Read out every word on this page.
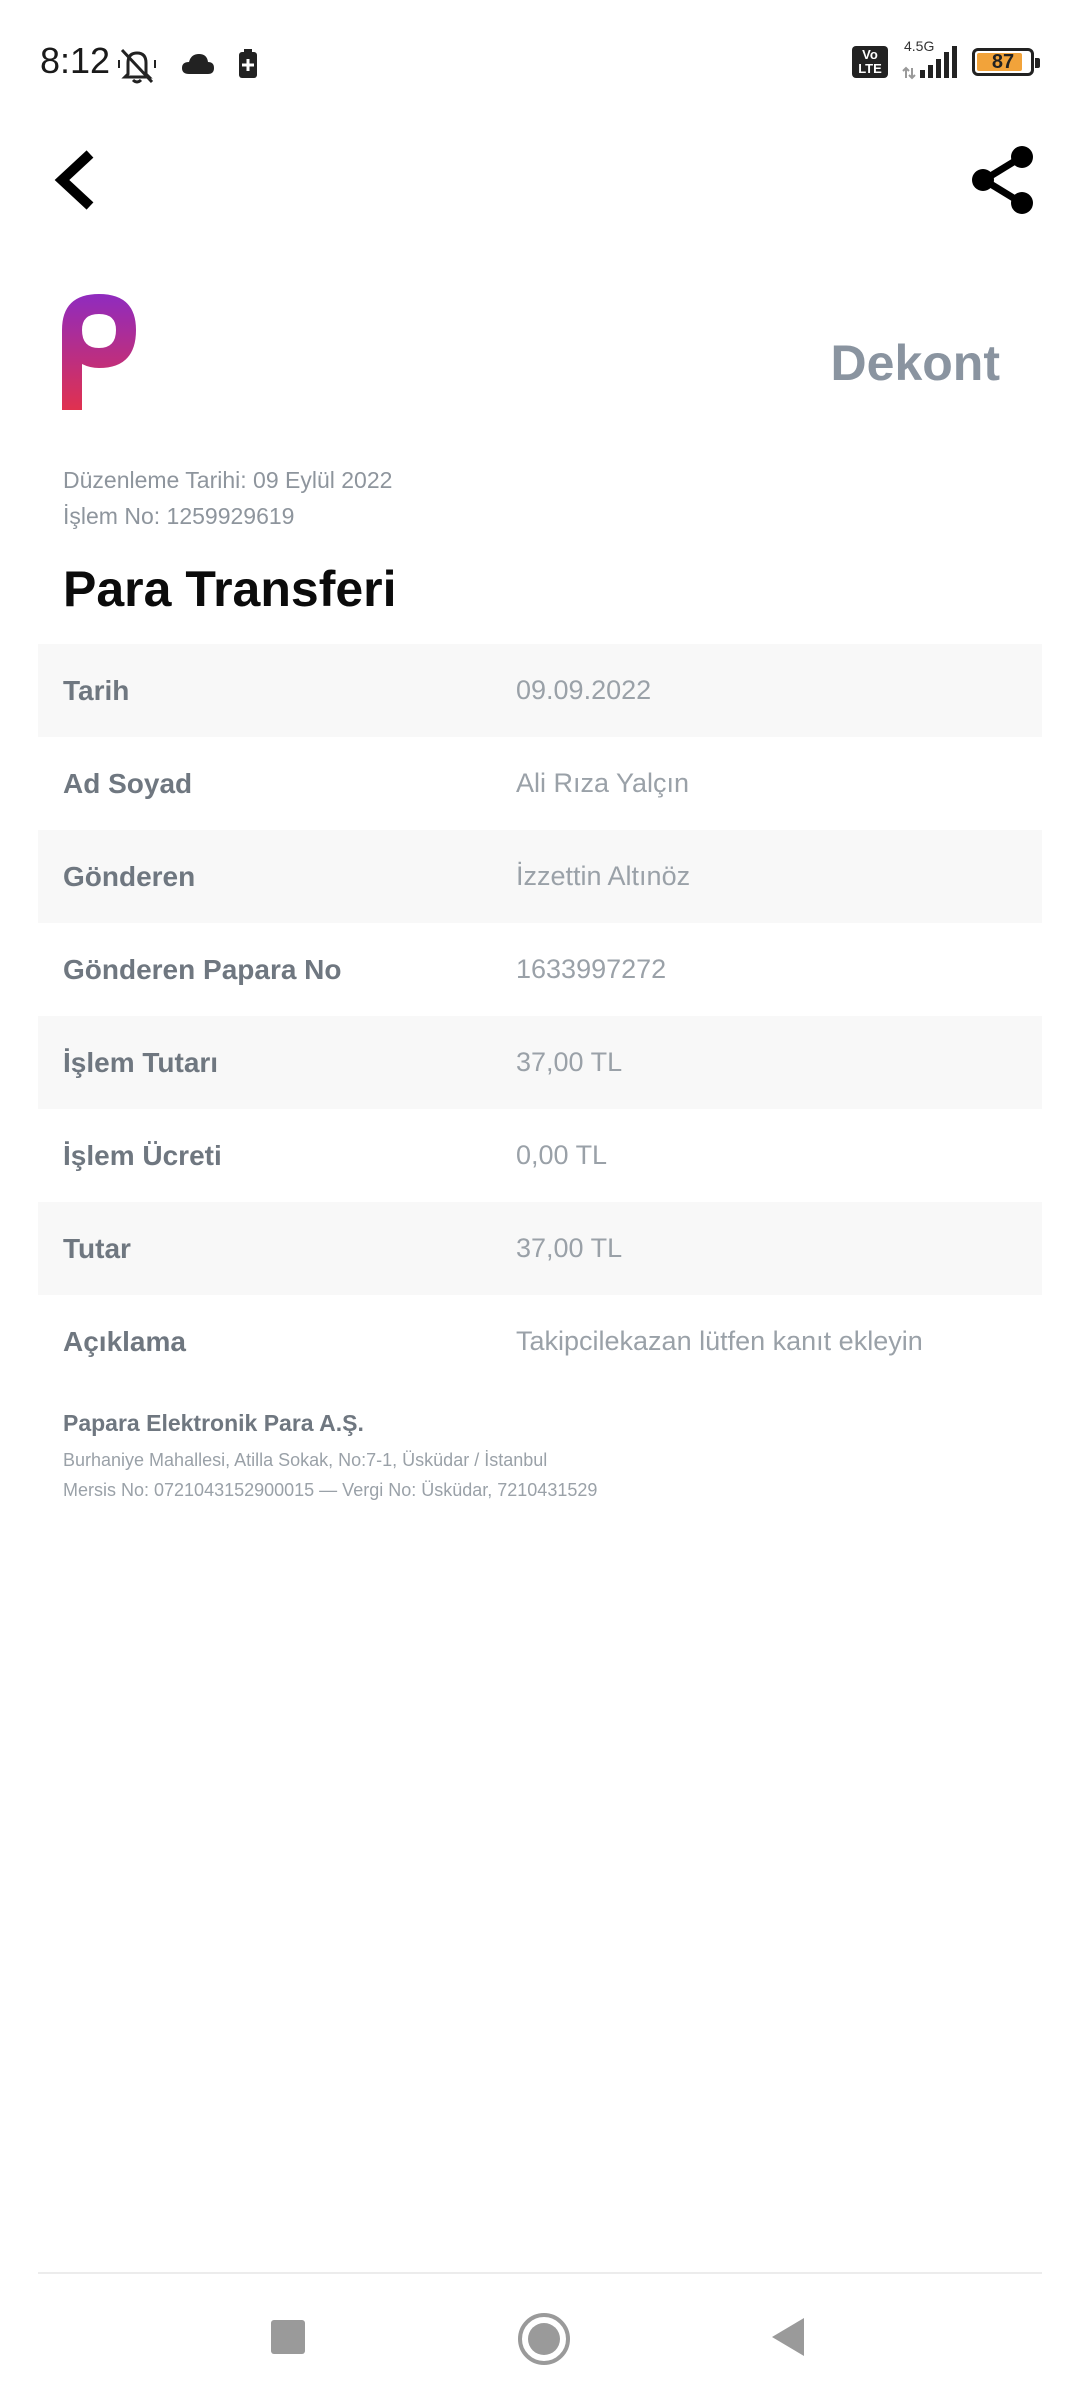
8:12	Vo
LTE
4.5G
87
Dekont
Düzenleme Tarihi: 09 Eylül 2022
İşlem No: 1259929619
Para Transferi
Tarih	09.09.2022
Ad Soyad	Ali Rıza Yalçın
Gönderen	İzzettin Altınöz
Gönderen Papara No	1633997272
İşlem Tutarı	37,00 TL
İşlem Ücreti	0,00 TL
Tutar	37,00 TL
Açıklama	Takipcilekazan lütfen kanıt ekleyin
Papara Elektronik Para A.Ş.
Burhaniye Mahallesi, Atilla Sokak, No:7-1, Üsküdar / İstanbul
Mersis No: 0721043152900015 — Vergi No: Üsküdar, 7210431529
